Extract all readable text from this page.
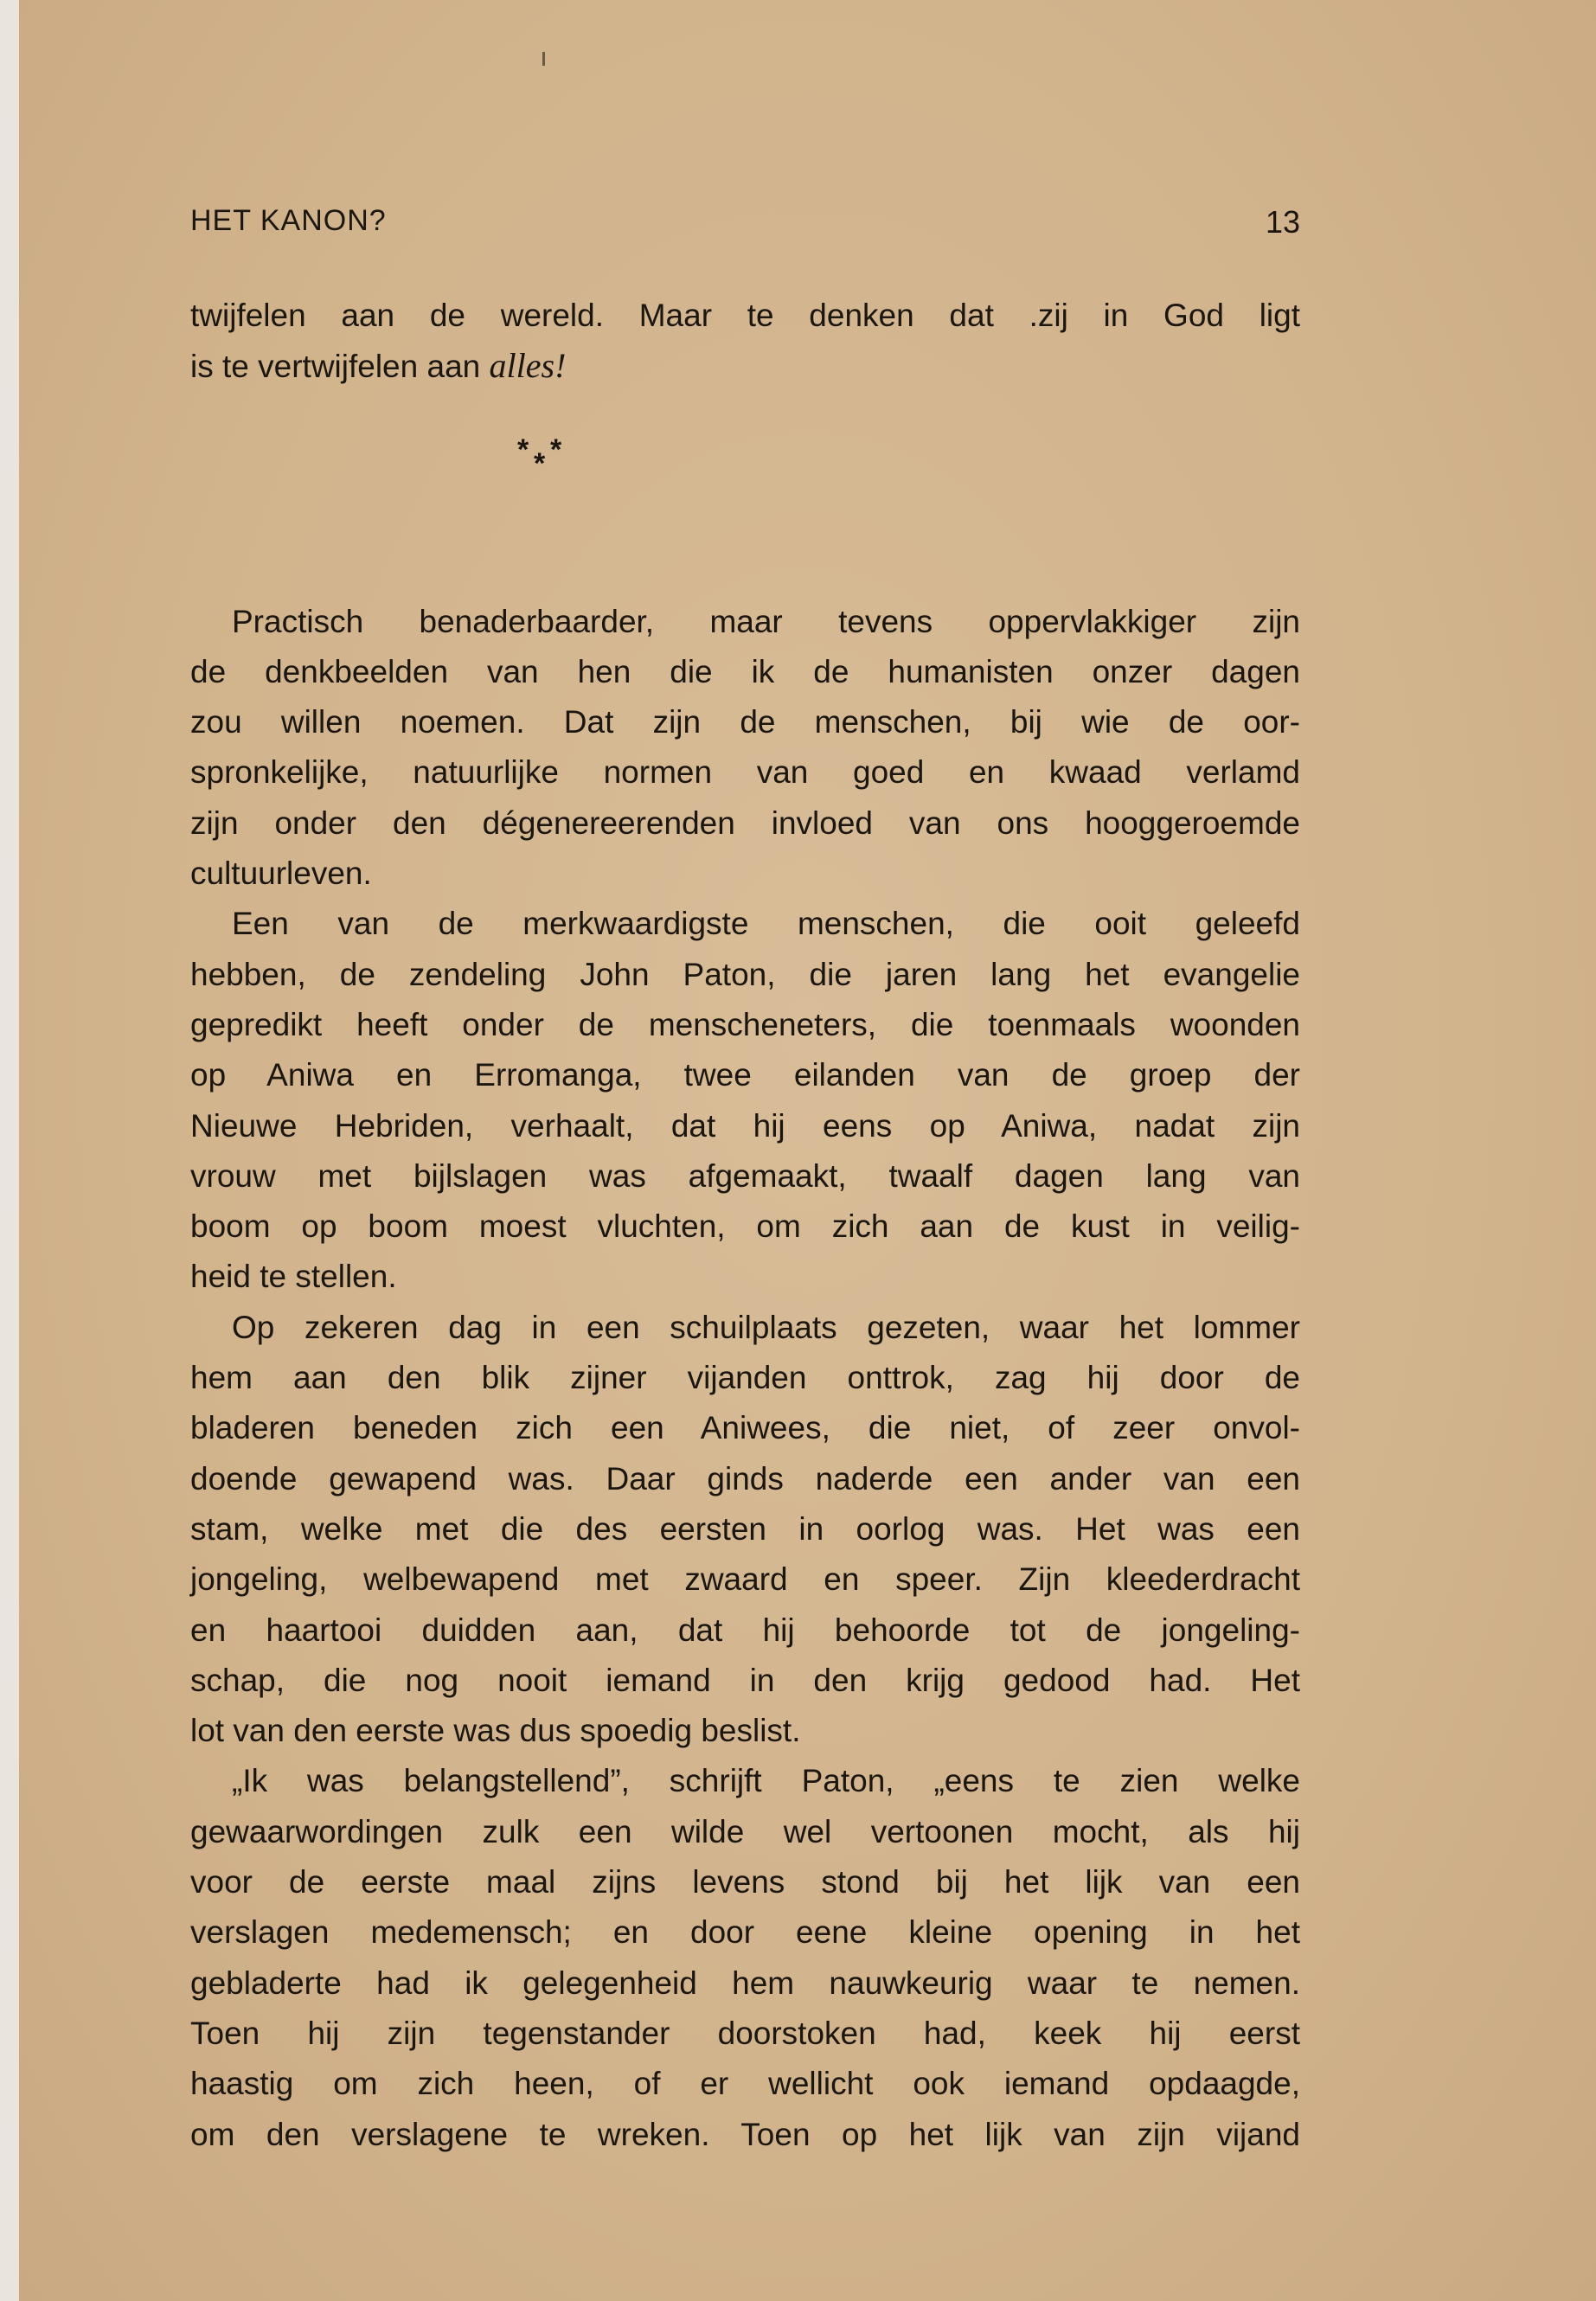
HET KANON?	13
twijfelen aan de wereld. Maar te denken dat .zij in God ligt
is te vertwijfelen aan alles!
* *
*
Practisch benaderbaarder, maar tevens oppervlakkiger zijn
de denkbeelden van hen die ik de humanisten onzer dagen
zou willen noemen. Dat zijn de menschen, bij wie de oor-
spronkelijke, natuurlijke normen van goed en kwaad verlamd
zijn onder den dégenereerenden invloed van ons hooggeroemde
cultuurleven.
Een van de merkwaardigste menschen, die ooit geleefd
hebben, de zendeling John Paton, die jaren lang het evangelie
gepredikt heeft onder de menscheneters, die toenmaals woonden
op Aniwa en Erromanga, twee eilanden van de groep der
Nieuwe Hebriden, verhaalt, dat hij eens op Aniwa, nadat zijn
vrouw met bijlslagen was afgemaakt, twaalf dagen lang van
boom op boom moest vluchten, om zich aan de kust in veilig-
heid te stellen.
Op zekeren dag in een schuilplaats gezeten, waar het lommer
hem aan den blik zijner vijanden onttrok, zag hij door de
bladeren beneden zich een Aniwees, die niet, of zeer onvol-
doende gewapend was. Daar ginds naderde een ander van een
stam, welke met die des eersten in oorlog was. Het was een
jongeling, welbewapend met zwaard en speer. Zijn kleederdracht
en haartooi duidden aan, dat hij behoorde tot de jongeling-
schap, die nog nooit iemand in den krijg gedood had. Het
lot van den eerste was dus spoedig beslist.
„Ik was belangstellend”, schrijft Paton, „eens te zien welke
gewaarwordingen zulk een wilde wel vertoonen mocht, als hij
voor de eerste maal zijns levens stond bij het lijk van een
verslagen medemensch; en door eene kleine opening in het
gebladerte had ik gelegenheid hem nauwkeurig waar te nemen.
Toen hij zijn tegenstander doorstoken had, keek hij eerst
haastig om zich heen, of er wellicht ook iemand opdaagde,
om den verslagene te wreken. Toen op het lijk van zijn vijand
